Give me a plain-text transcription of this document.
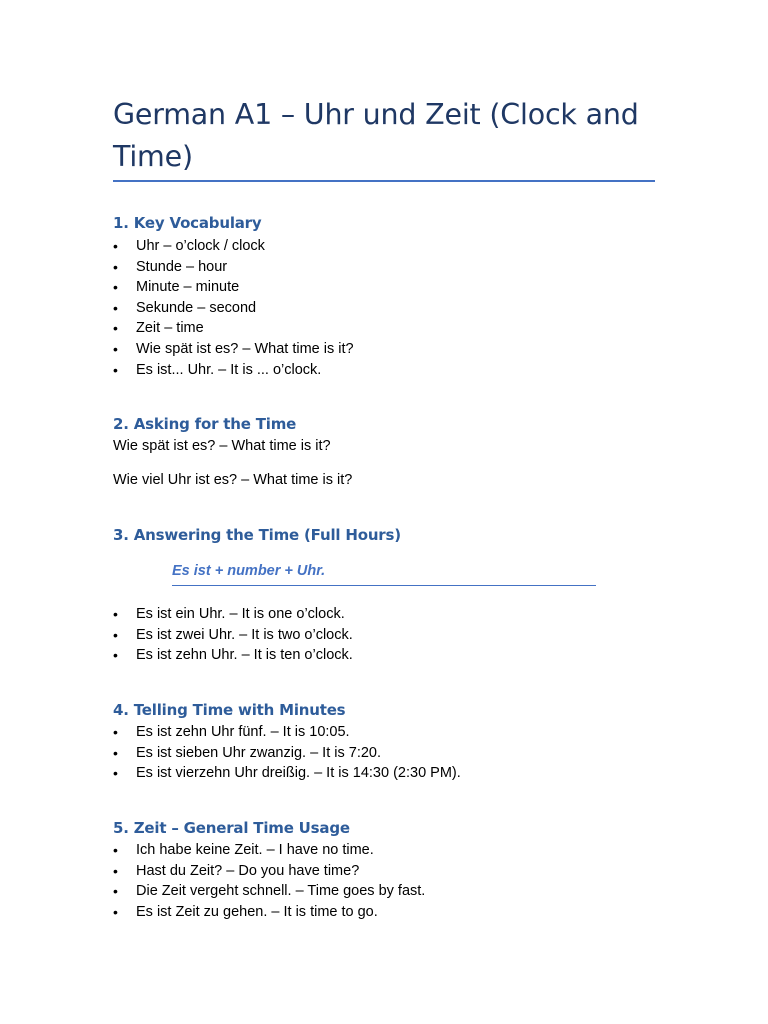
German A1 – Uhr und Zeit (Clock and Time)
1. Key Vocabulary
• Uhr – o’clock / clock
• Stunde – hour
• Minute – minute
• Sekunde – second
• Zeit – time
• Wie spät ist es? – What time is it?
• Es ist... Uhr. – It is ... o’clock.
2. Asking for the Time
Wie spät ist es? – What time is it?
Wie viel Uhr ist es? – What time is it?
3. Answering the Time (Full Hours)
Es ist + number + Uhr.
• Es ist ein Uhr. – It is one o’clock.
• Es ist zwei Uhr. – It is two o’clock.
• Es ist zehn Uhr. – It is ten o’clock.
4. Telling Time with Minutes
• Es ist zehn Uhr fünf. – It is 10:05.
• Es ist sieben Uhr zwanzig. – It is 7:20.
• Es ist vierzehn Uhr dreißig. – It is 14:30 (2:30 PM).
5. Zeit – General Time Usage
• Ich habe keine Zeit. – I have no time.
• Hast du Zeit? – Do you have time?
• Die Zeit vergeht schnell. – Time goes by fast.
• Es ist Zeit zu gehen. – It is time to go.
